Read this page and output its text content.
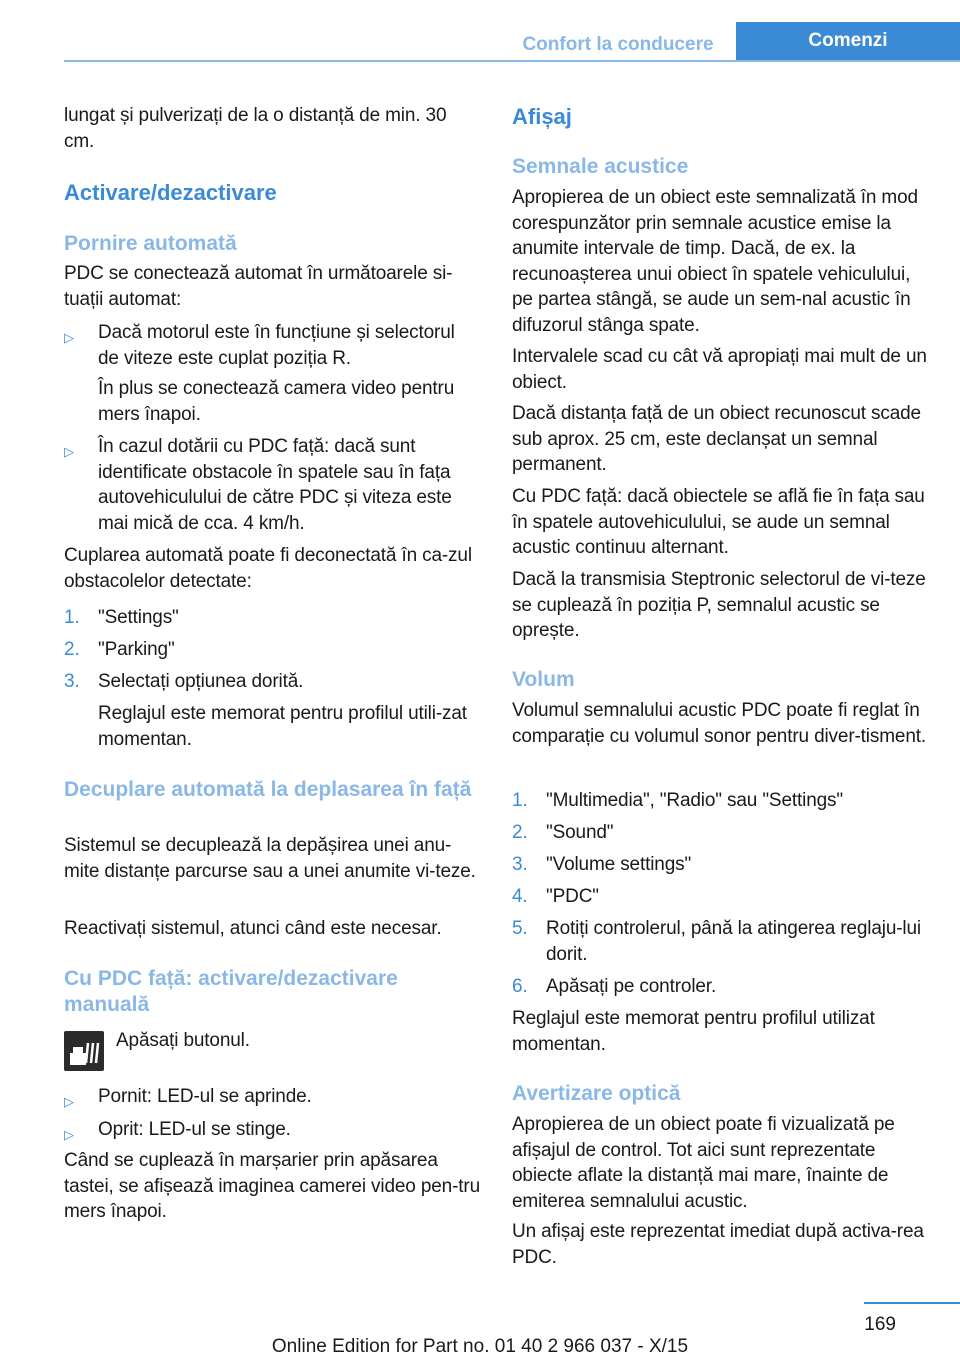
Confort la conducere	Comenzi

lungat și pulverizați de la o distanță de min. 30 cm.

Activare/dezactivare
Pornire automată

PDC se conectează automat în următoarele si-tuații automat:

▷	Dacă motorul este în funcțiune și selectorul de viteze este cuplat poziția R.
În plus se conectează camera video pentru mers înapoi.
▷	În cazul dotării cu PDC față: dacă sunt identificate obstacole în spatele sau în fața autovehiculului de către PDC și viteza este mai mică de cca. 4 km/h.

Cuplarea automată poate fi deconectată în ca-zul obstacolelor detectate:

1. "Settings"
2. "Parking"
3. Selectați opțiunea dorită.
Reglajul este memorat pentru profilul utili-zat momentan.
Decuplare automată la deplasarea în față

Sistemul se decuplează la depășirea unei anu-mite distanțe parcurse sau a unei anumite vi-teze.

Reactivați sistemul, atunci când este necesar.

Cu PDC față: activare/dezactivare manuală
Apăsați butonul.
▷	Pornit: LED-ul se aprinde.
▷	Oprit: LED-ul se stinge.

Când se cuplează în marșarier prin apăsarea tastei, se afișează imaginea camerei video pen-tru mers înapoi.

Afișaj
Semnale acustice

Apropierea de un obiect este semnalizată în mod corespunzător prin semnale acustice emise la anumite intervale de timp. Dacă, de ex. la recunoașterea unui obiect în spatele vehiculului, pe partea stângă, se aude un sem-nal acustic în difuzorul stânga spate.

Intervalele scad cu cât vă apropiați mai mult de un obiect.

Dacă distanța față de un obiect recunoscut scade sub aprox. 25 cm, este declanșat un semnal permanent.

Cu PDC față: dacă obiectele se află fie în fața sau în spatele autovehiculului, se aude un semnal acustic continuu alternant.

Dacă la transmisia Steptronic selectorul de vi-teze se cuplează în poziția P, semnalul acustic se oprește.

Volum

Volumul semnalului acustic PDC poate fi reglat în comparație cu volumul sonor pentru diver-tisment.

1. "Multimedia", "Radio" sau "Settings"
2. "Sound"
3. "Volume settings"
4. "PDC"
5. Rotiți controlerul, până la atingerea reglaju-lui dorit.
6. Apăsați pe controler.

Reglajul este memorat pentru profilul utilizat momentan.

Avertizare optică

Apropierea de un obiect poate fi vizualizată pe afișajul de control. Tot aici sunt reprezentate obiecte aflate la distanță mai mare, înainte de emiterea semnalului acustic.

Un afișaj este reprezentat imediat după activa-rea PDC.

169
Online Edition for Part no. 01 40 2 966 037 - X/15
